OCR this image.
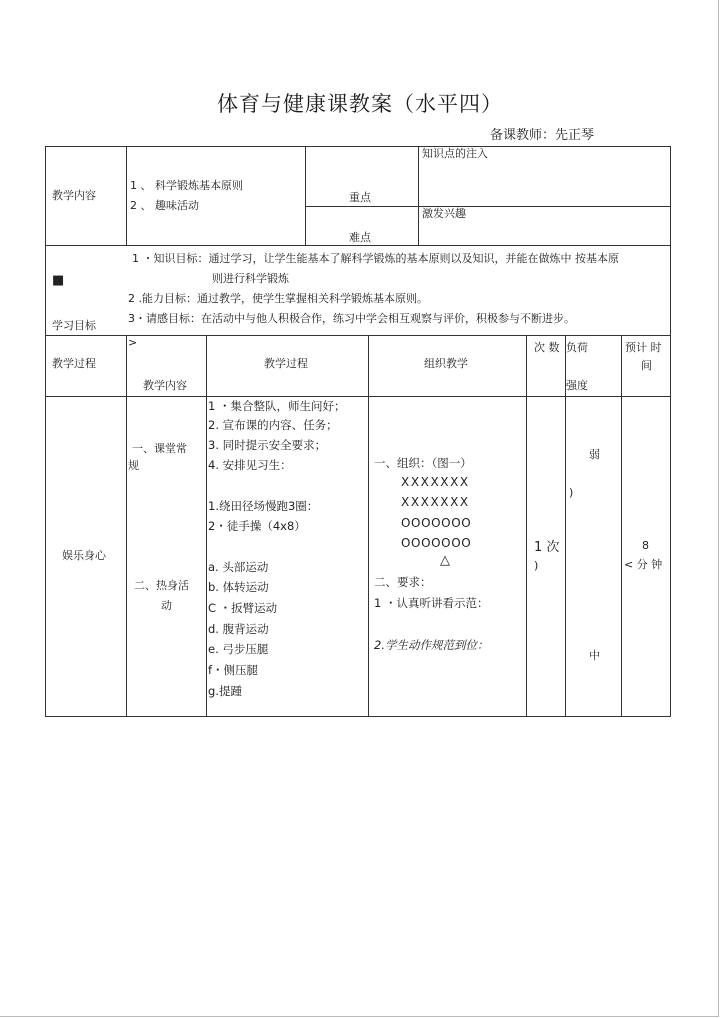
体育与健康课教案（水平四）
备课教师：先正琴
教学内容
1 、 科学锻炼基本原则
2 、 趣味活动
重点
知识点的注入
难点
激发兴趣
■
学习目标
1 ・知识目标：通过学习，让学生能基本了解科学锻炼的基本原则以及知识，并能在做炼中 按基本原
则进行科学锻炼
2 .能力目标：通过教学，使学生掌握相关科学锻炼基本原则。
3・请感目标：在活动中与他人积极合作，练习中学会相互观察与评价，积极参与不断进步。
教学过程
>
教学内容
教学过程	组织教学
次 数 负荷
强度
预计 时
间
娱乐身心
一、课堂常
规
二、热身活
动
1 ・集合整队，师生问好；
2. 宣布课的内容、任务；
3. 同时提示安全要求；
4. 安排见习生：
1.绕田径场慢跑3圈：
2・徒手操（4x8）
a. 头部运动
b. 体转运动
C ・扳臂运动
d. 腹背运动
e. 弓步压腿
f・侧压腿
g.提踵
一、组织：（图一）
XXXXXXX
XXXXXXX
OOOOOOO
OOOOOOO
△
二、要求：
1 ・认真听讲看示范：
2.学生动作规范到位：
1 次
)
弱
)
中
8
< 分 钟
